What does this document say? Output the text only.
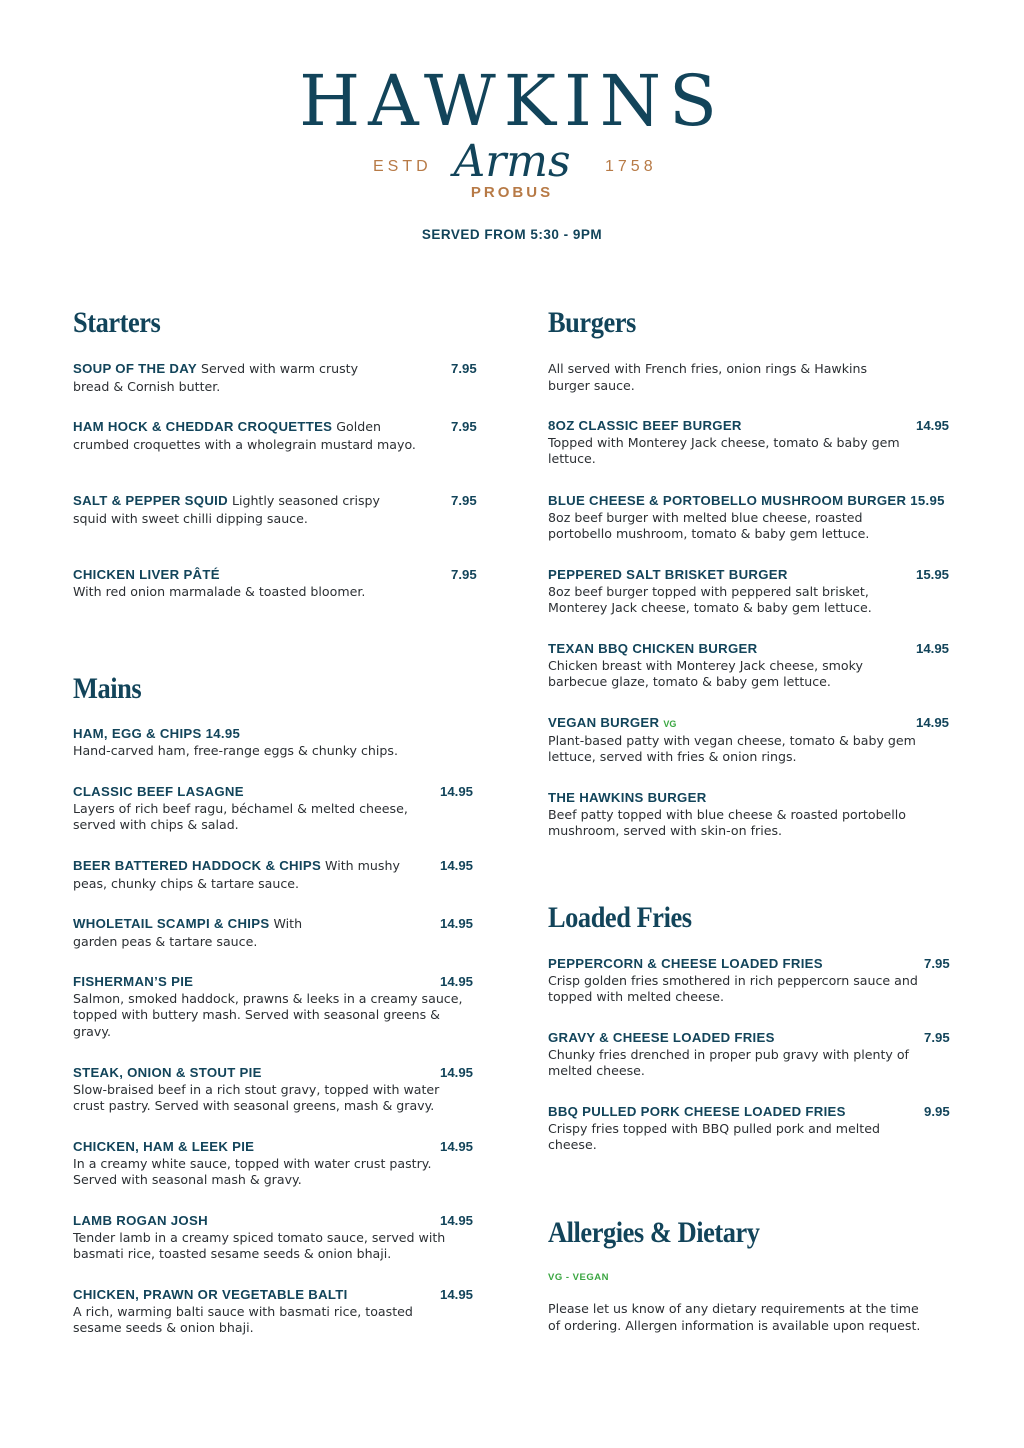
HAWKINS
ESTD Arms	1758
PROBUS
SERVED FROM 5:30 - 9PM
Starters
SOUP OF THE DAY Served with warm crusty bread & Cornish butter.
7.95
HAM HOCK & CHEDDAR CROQUETTES Golden crumbed croquettes with a wholegrain mustard mayo.
7.95
SALT & PEPPER SQUID Lightly seasoned crispy squid with sweet chilli dipping sauce.
7.95
CHICKEN LIVER PÂTÉ
With red onion marmalade & toasted bloomer.
7.95
Mains
HAM, EGG & CHIPS 14.95
Hand-carved ham, free-range eggs & chunky chips.
CLASSIC BEEF LASAGNE
Layers of rich beef ragu, béchamel & melted cheese, served with chips & salad.
14.95
BEER BATTERED HADDOCK & CHIPS With mushy peas, chunky chips & tartare sauce.
14.95
WHOLETAIL SCAMPI & CHIPS With garden peas & tartare sauce.
14.95
FISHERMAN’S PIE
Salmon, smoked haddock, prawns & leeks in a creamy sauce, topped with buttery mash. Served with seasonal greens & gravy.
14.95
STEAK, ONION & STOUT PIE
Slow-braised beef in a rich stout gravy, topped with water crust pastry. Served with seasonal greens, mash & gravy.
14.95
CHICKEN, HAM & LEEK PIE
In a creamy white sauce, topped with water crust pastry. Served with seasonal mash & gravy.
14.95
LAMB ROGAN JOSH
Tender lamb in a creamy spiced tomato sauce, served with basmati rice, toasted sesame seeds & onion bhaji.
14.95
CHICKEN, PRAWN OR VEGETABLE BALTI
A rich, warming balti sauce with basmati rice, toasted sesame seeds & onion bhaji.
14.95
Burgers
All served with French fries, onion rings & Hawkins burger sauce.
8OZ CLASSIC BEEF BURGER
Topped with Monterey Jack cheese, tomato & baby gem lettuce.
14.95
BLUE CHEESE & PORTOBELLO MUSHROOM BURGER 15.95
8oz beef burger with melted blue cheese, roasted portobello mushroom, tomato & baby gem lettuce.
PEPPERED SALT BRISKET BURGER
8oz beef burger topped with peppered salt brisket, Monterey Jack cheese, tomato & baby gem lettuce.
15.95
TEXAN BBQ CHICKEN BURGER
Chicken breast with Monterey Jack cheese, smoky barbecue glaze, tomato & baby gem lettuce.
14.95
VEGAN BURGER VG
Plant-based patty with vegan cheese, tomato & baby gem lettuce, served with fries & onion rings.
14.95
THE HAWKINS BURGER
Beef patty topped with blue cheese & roasted portobello mushroom, served with skin-on fries.
Loaded Fries
PEPPERCORN & CHEESE LOADED FRIES
Crisp golden fries smothered in rich peppercorn sauce and topped with melted cheese.
7.95
GRAVY & CHEESE LOADED FRIES
Chunky fries drenched in proper pub gravy with plenty of melted cheese.
7.95
BBQ PULLED PORK CHEESE LOADED FRIES
Crispy fries topped with BBQ pulled pork and melted cheese.
9.95
Allergies & Dietary
VG - VEGAN
Please let us know of any dietary requirements at the time of ordering. Allergen information is available upon request.
